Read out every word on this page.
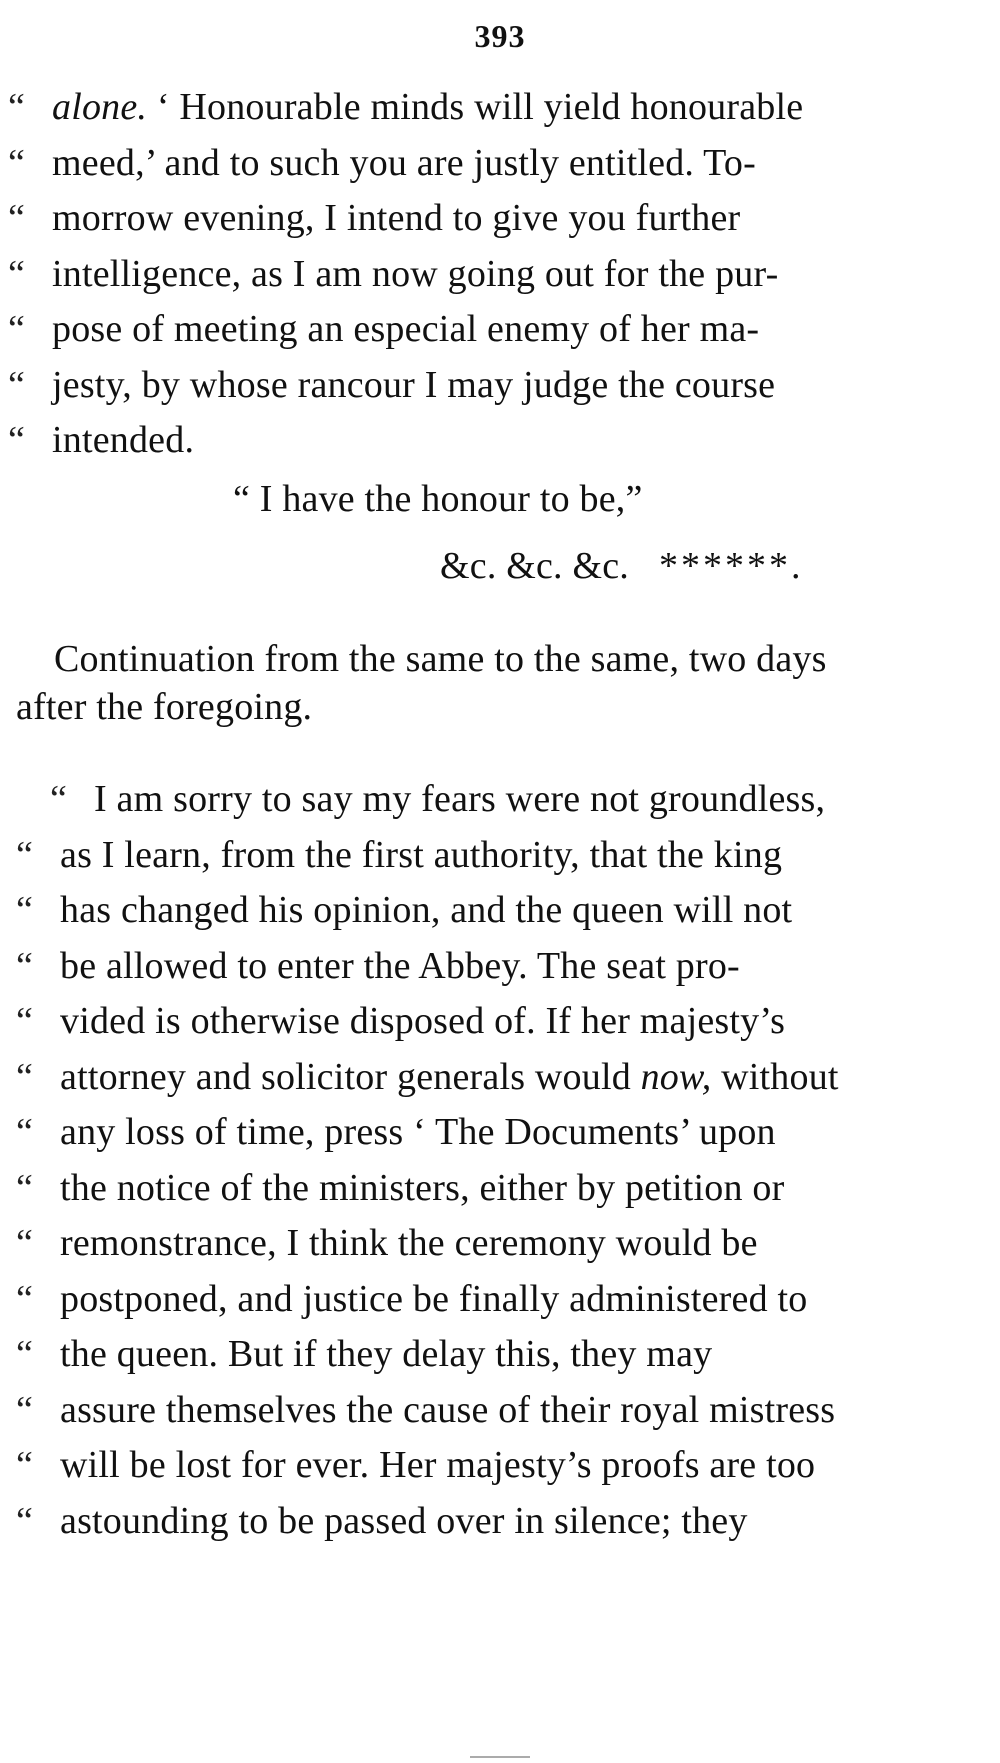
393
“ alone. ‘ Honourable minds will yield honourable
“ meed,’ and to such you are justly entitled. To-
“ morrow evening, I intend to give you further
“ intelligence, as I am now going out for the pur-
“ pose of meeting an especial enemy of her ma-
“ jesty, by whose rancour I may judge the course
“ intended.
“ I have the honour to be,”
&c. &c. &c. ******.
Continuation from the same to the same, two days
after the foregoing.
“ I am sorry to say my fears were not groundless,
“ as I learn, from the first authority, that the king
“ has changed his opinion, and the queen will not
“ be allowed to enter the Abbey. The seat pro-
“ vided is otherwise disposed of. If her majesty’s
“ attorney and solicitor generals would now, without
“ any loss of time, press ‘ The Documents’ upon
“ the notice of the ministers, either by petition or
“ remonstrance, I think the ceremony would be
“ postponed, and justice be finally administered to
“ the queen. But if they delay this, they may
“ assure themselves the cause of their royal mistress
“ will be lost for ever. Her majesty’s proofs are too
“ astounding to be passed over in silence; they
